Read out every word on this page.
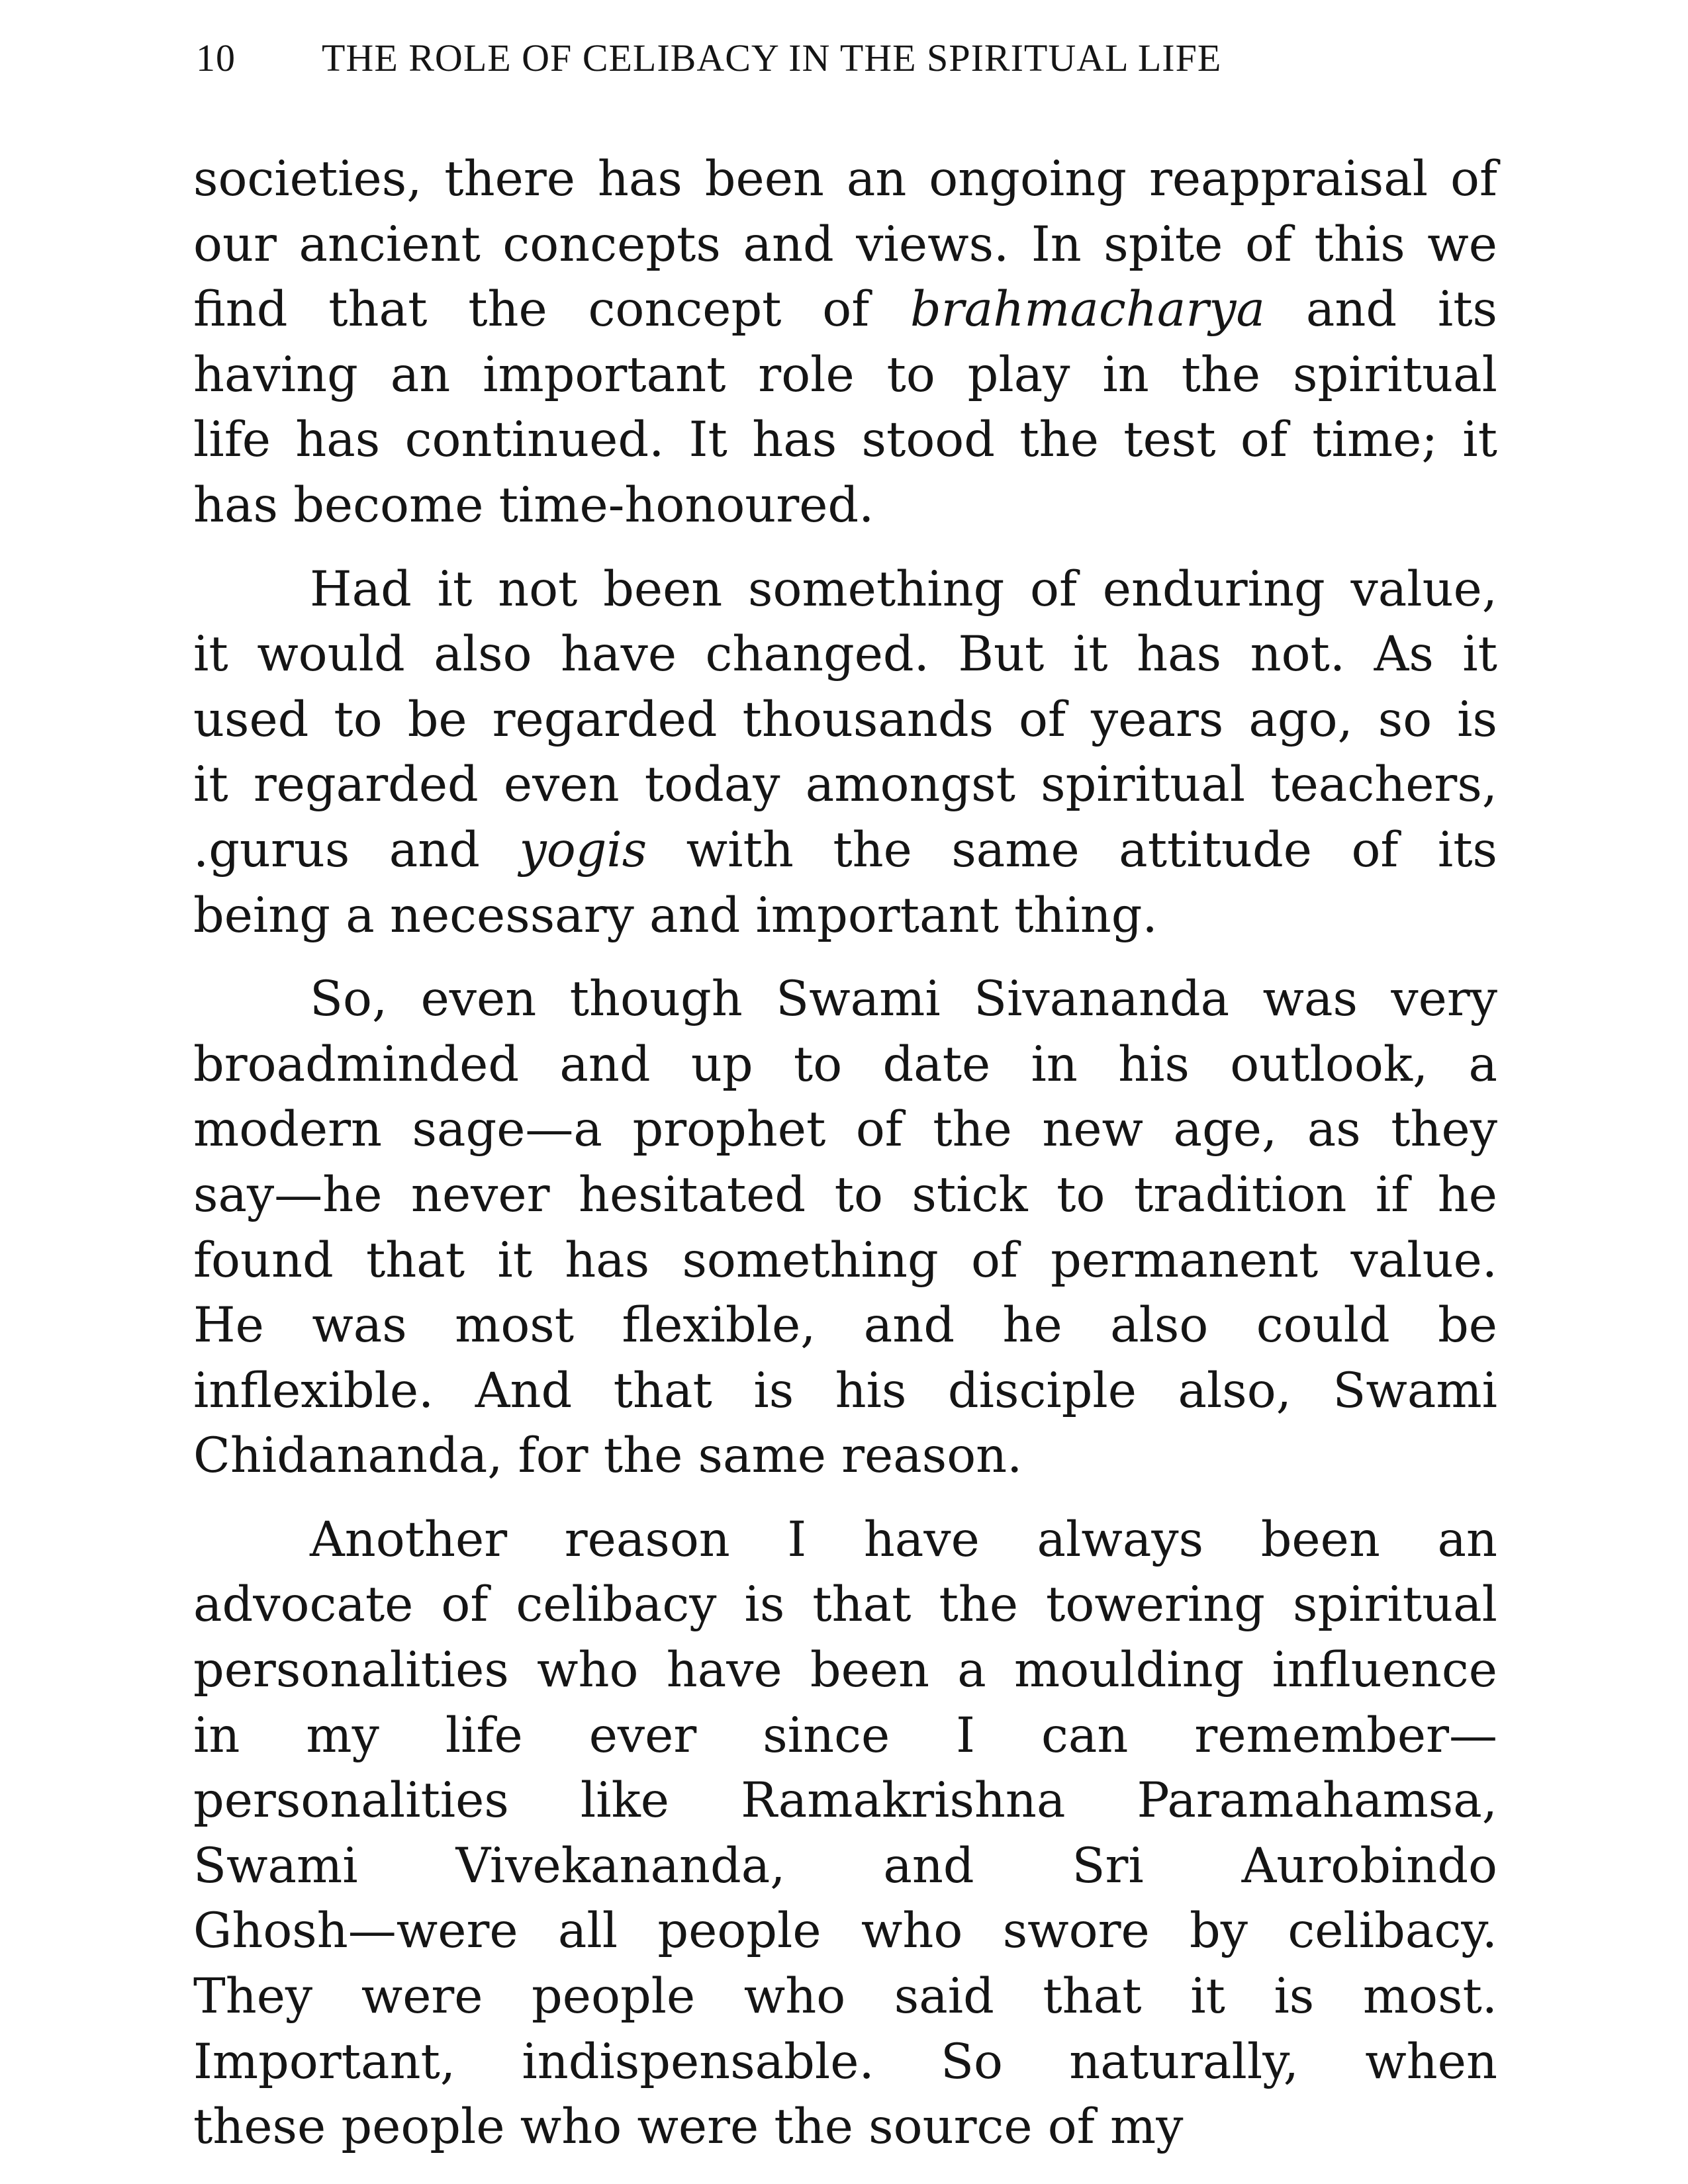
10 THE ROLE OF CELIBACY IN THE SPIRITUAL LIFE

societies, there has been an ongoing reappraisal of
our ancient concepts and views. In spite of this we
find that the concept of brahmacharya and its
having an important role to play in the spiritual
life has continued. It has stood the test of time; it
has become time-honoured.

Had it not been something of enduring value,
it would also have changed. But it has not. As it
used to be regarded thousands of years ago, so is
it regarded even today amongst spiritual teachers,
.gurus and yogis with the same attitude of its
being a necessary and important thing.

So, even though Swami Sivananda was very
broadminded and up to date in his outlook, a
modern sage—a prophet of the new age, as they
say—he never hesitated to stick to tradition if he
found that it has something of permanent value.
He was most flexible, and he also could be
inflexible. And that is his disciple also, Swami
Chidananda, for the same reason.

Another reason I have always been an
advocate of celibacy is that the towering spiritual
personalities who have been a moulding influence
in my life ever since I can remember—
personalities like Ramakrishna Paramahamsa,
Swami Vivekananda, and Sri Aurobindo
Ghosh—were all people who swore by celibacy.
They were people who said that it is most.
Important, indispensable. So naturally, when
these people who were the source of my
